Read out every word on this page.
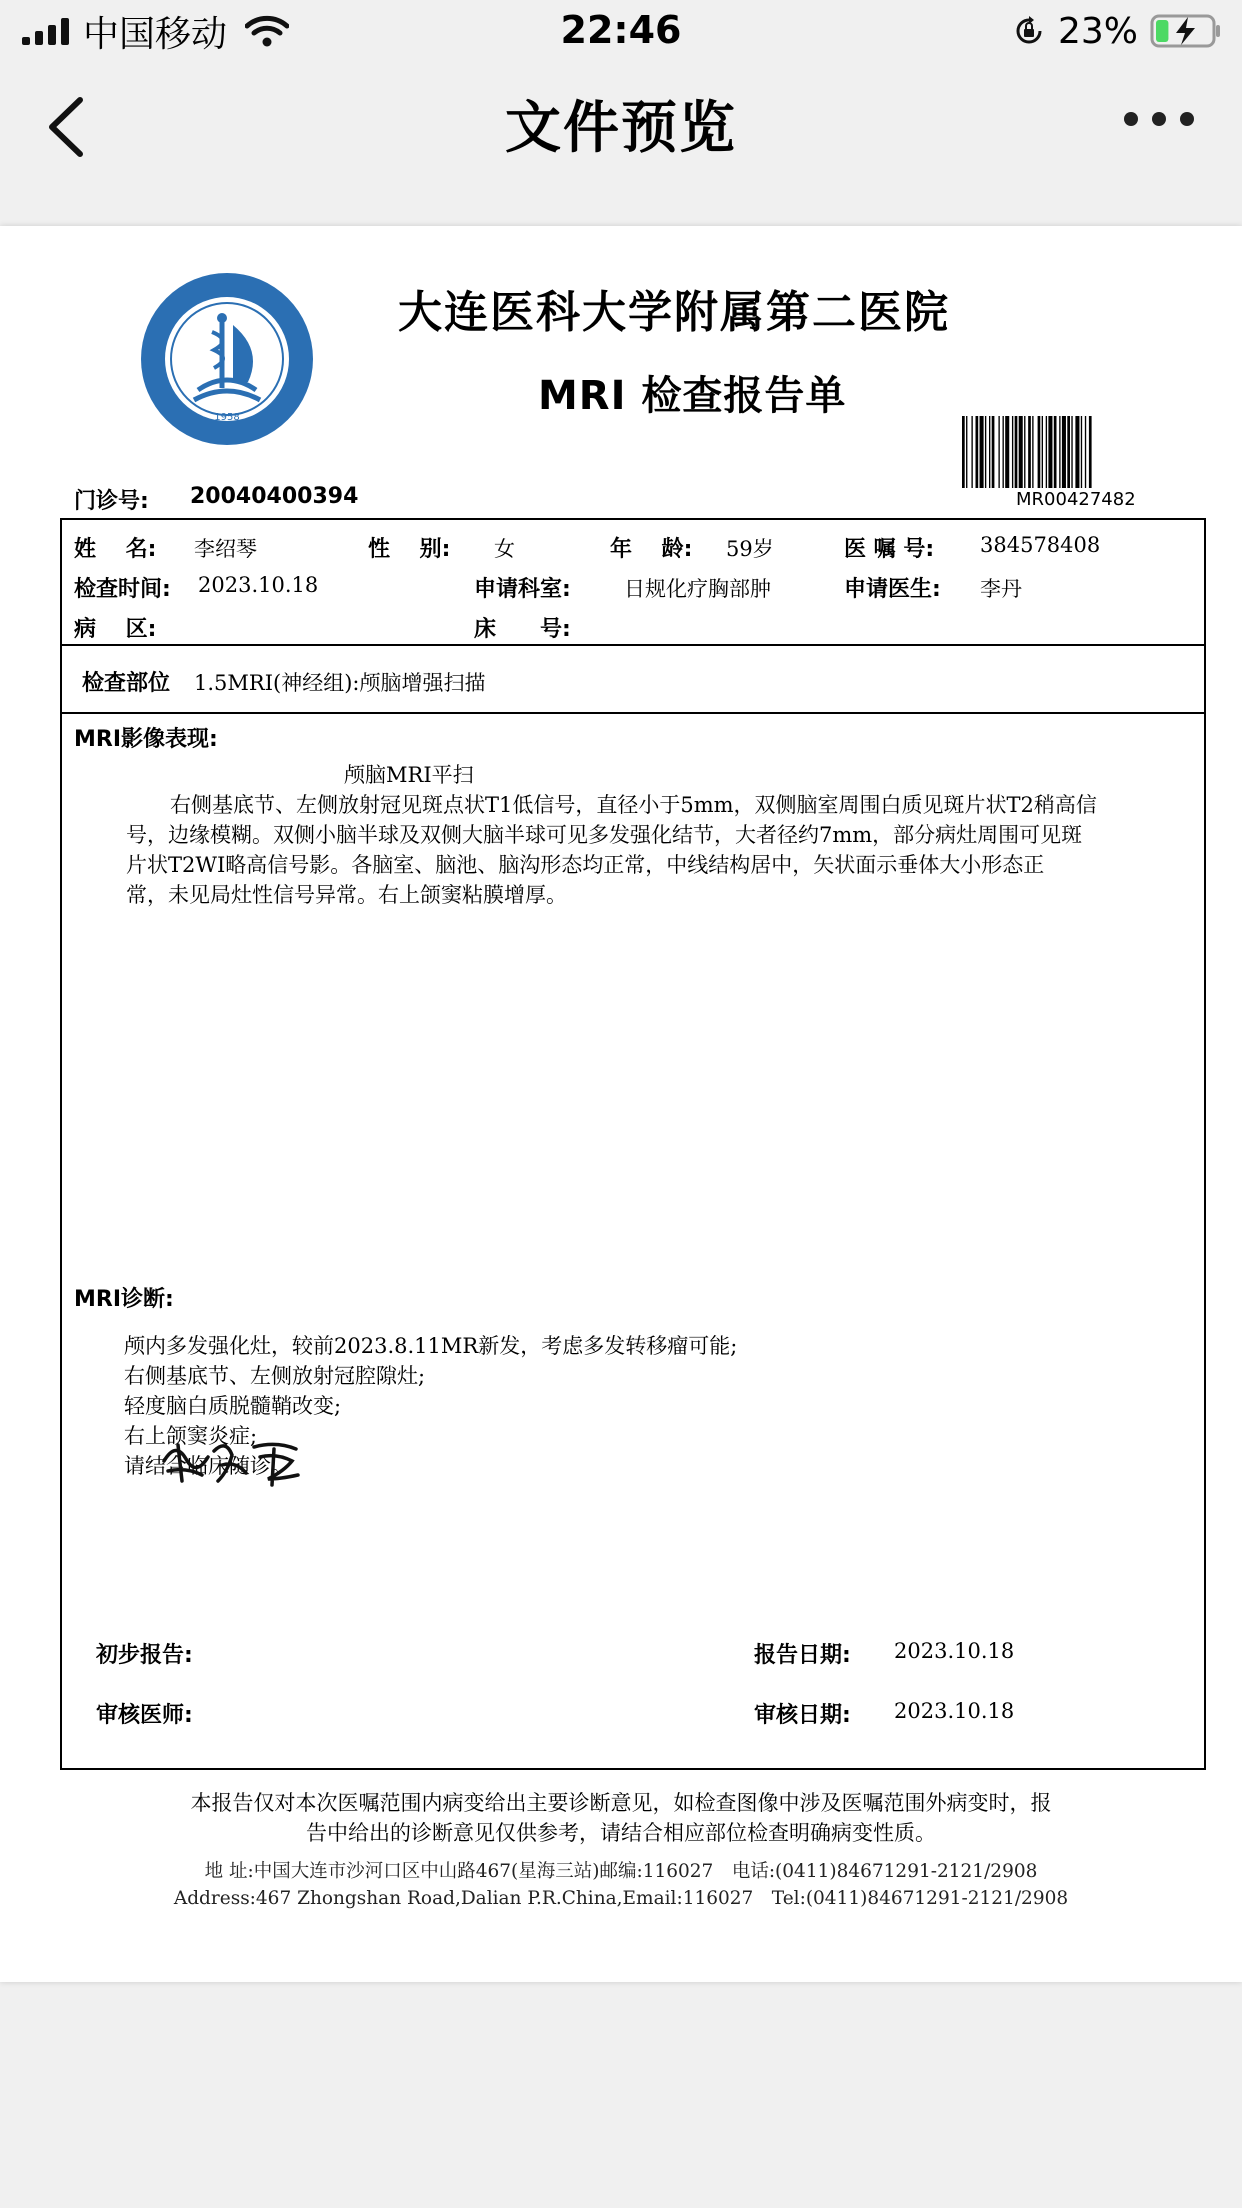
中国移动	22:46	23%
文件预览
1958
大连医科大学附属第二医院
MRI 检查报告单
MR00427482
门诊号: 20040400394
姓　 名: 李绍琴	性　 别: 女	年　 龄: 59岁	医 嘱 号: 384578408
检查时间: 2023.10.18	申请科室:	日规化疗胸部肿	申请医生: 李丹
病　 区:	床　　号:
检查部位 1.5MRI(神经组):颅脑增强扫描
MRI影像表现:
颅脑MRI平扫
右侧基底节、左侧放射冠见斑点状T1低信号，直径小于5mm，双侧脑室周围白质见斑片状T2稍高信
号，边缘模糊。双侧小脑半球及双侧大脑半球可见多发强化结节，大者径约7mm，部分病灶周围可见斑
片状T2WI略高信号影。各脑室、脑池、脑沟形态均正常，中线结构居中，矢状面示垂体大小形态正
常，未见局灶性信号异常。右上颌窦粘膜增厚。
MRI诊断:
颅内多发强化灶，较前2023.8.11MR新发，考虑多发转移瘤可能;
右侧基底节、左侧放射冠腔隙灶;
轻度脑白质脱髓鞘改变;
右上颌窦炎症;
请结合临床随诊。
初步报告:	报告日期: 2023.10.18
审核医师:	审核日期: 2023.10.18
本报告仅对本次医嘱范围内病变给出主要诊断意见，如检查图像中涉及医嘱范围外病变时，报
告中给出的诊断意见仅供参考，请结合相应部位检查明确病变性质。
地 址:中国大连市沙河口区中山路467(星海三站)邮编:116027　电话:(0411)84671291-2121/2908
Address:467 Zhongshan Road,Dalian P.R.China,Email:116027　Tel:(0411)84671291-2121/2908
